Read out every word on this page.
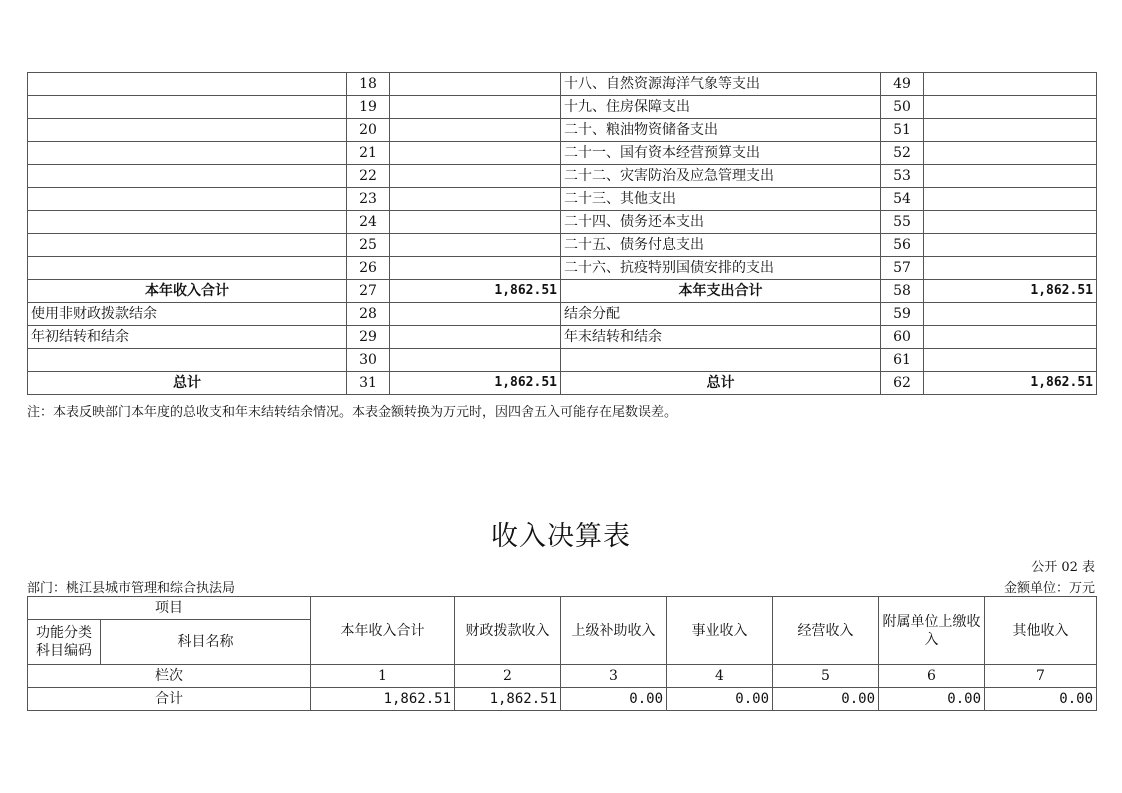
	18		十八、自然资源海洋气象等支出	49	
	19		十九、住房保障支出	50	
	20		二十、粮油物资储备支出	51	
	21		二十一、国有资本经营预算支出	52	
	22		二十二、灾害防治及应急管理支出	53	
	23		二十三、其他支出	54	
	24		二十四、债务还本支出	55	
	25		二十五、债务付息支出	56	
	26		二十六、抗疫特别国债安排的支出	57	
本年收入合计	27	1,862.51	本年支出合计	58	1,862.51
使用非财政拨款结余	28		结余分配	59	
年初结转和结余	29		年末结转和结余	60	
	30			61	
总计	31	1,862.51	总计	62	1,862.51
注：本表反映部门本年度的总收支和年末结转结余情况。本表金额转换为万元时，因四舍五入可能存在尾数误差。
收入决算表
公开 02 表
部门：桃江县城市管理和综合执法局	金额单位：万元
项目		本年收入合计	财政拨款收入	上级补助收入	事业收入	经营收入	附属单位上缴收入	其他收入
功能分类科目编码	科目名称							
栏次		1	2	3	4	5	6	7
合计		1,862.51	1,862.51	0.00	0.00	0.00	0.00	0.00
